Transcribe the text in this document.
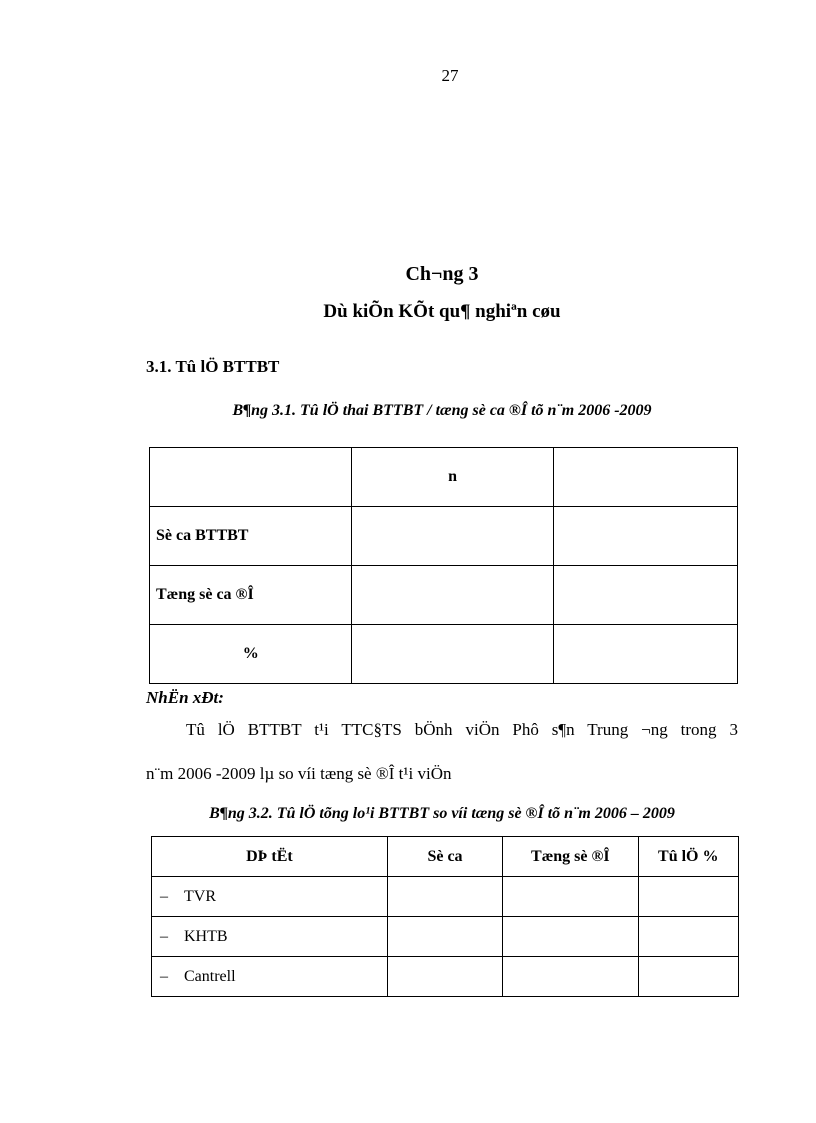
27
Ch¬ng 3
Dù kiÕn KÕt qu¶ nghiªn cøu
3.1. Tû lÖ BTTBT
B¶ng 3.1. Tû lÖ thai BTTBT / tæng sè ca ®Î tõ n¨m 2006 -2009
	n	
Sè ca BTTBT		
Tæng sè ca ®Î		
%		
NhËn xÐt:
Tû lÖ BTTBT t¹i TTC§TS bÖnh viÖn Phô s¶n Trung ¬ng trong 3
n¨m 2006 -2009 lµ so víi tæng sè ®Î t¹i viÖn
B¶ng 3.2. Tû lÖ tõng lo¹i BTTBT so víi tæng sè ®Î tõ n¨m 2006 – 2009
DÞ tËt	Sè ca	Tæng sè ®Î	Tû lÖ %
– TVR			
– KHTB			
– Cantrell			
